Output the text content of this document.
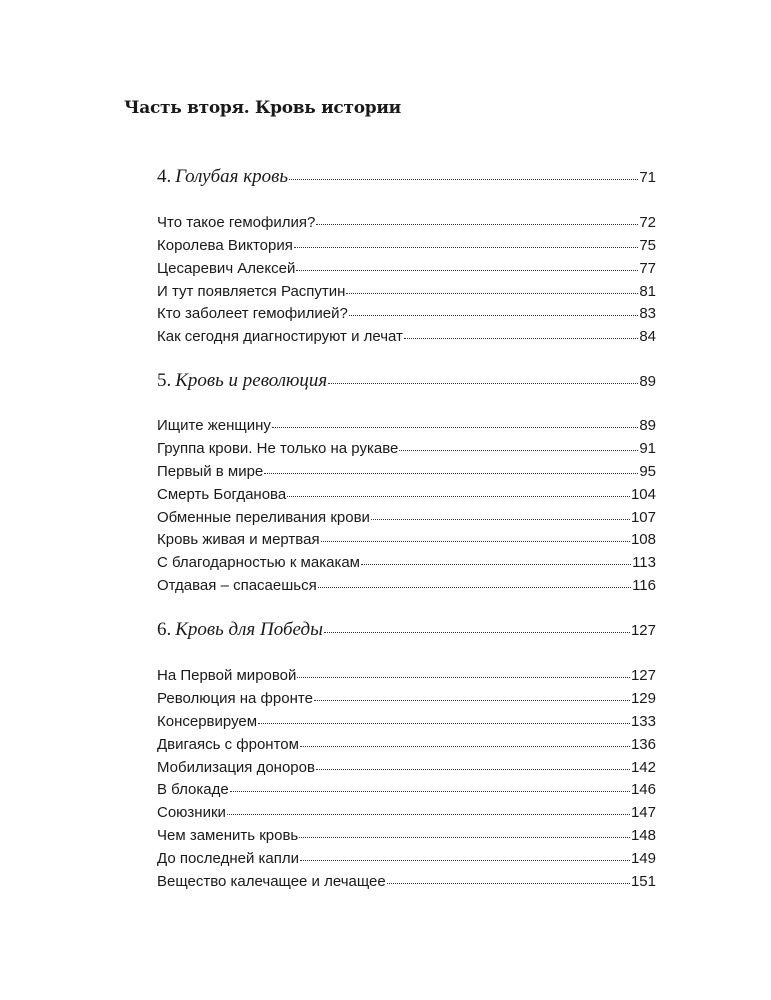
Часть вторя. Кровь истории
4. Голубая кровь	71
Что такое гемофилия?	72
Королева Виктория	75
Цесаревич Алексей	77
И тут появляется Распутин	81
Кто заболеет гемофилией?	83
Как сегодня диагностируют и лечат	84
5. Кровь и революция	89
Ищите женщину	89
Группа крови. Не только на рукаве	91
Первый в мире	95
Смерть Богданова	104
Обменные переливания крови	107
Кровь живая и мертвая	108
С благодарностью к макакам	113
Отдавая – спасаешься	116
6. Кровь для Победы	127
На Первой мировой	127
Революция на фронте	129
Консервируем	133
Двигаясь с фронтом	136
Мобилизация доноров	142
В блокаде	146
Союзники	147
Чем заменить кровь	148
До последней капли	149
Вещество калечащее и лечащее	151
